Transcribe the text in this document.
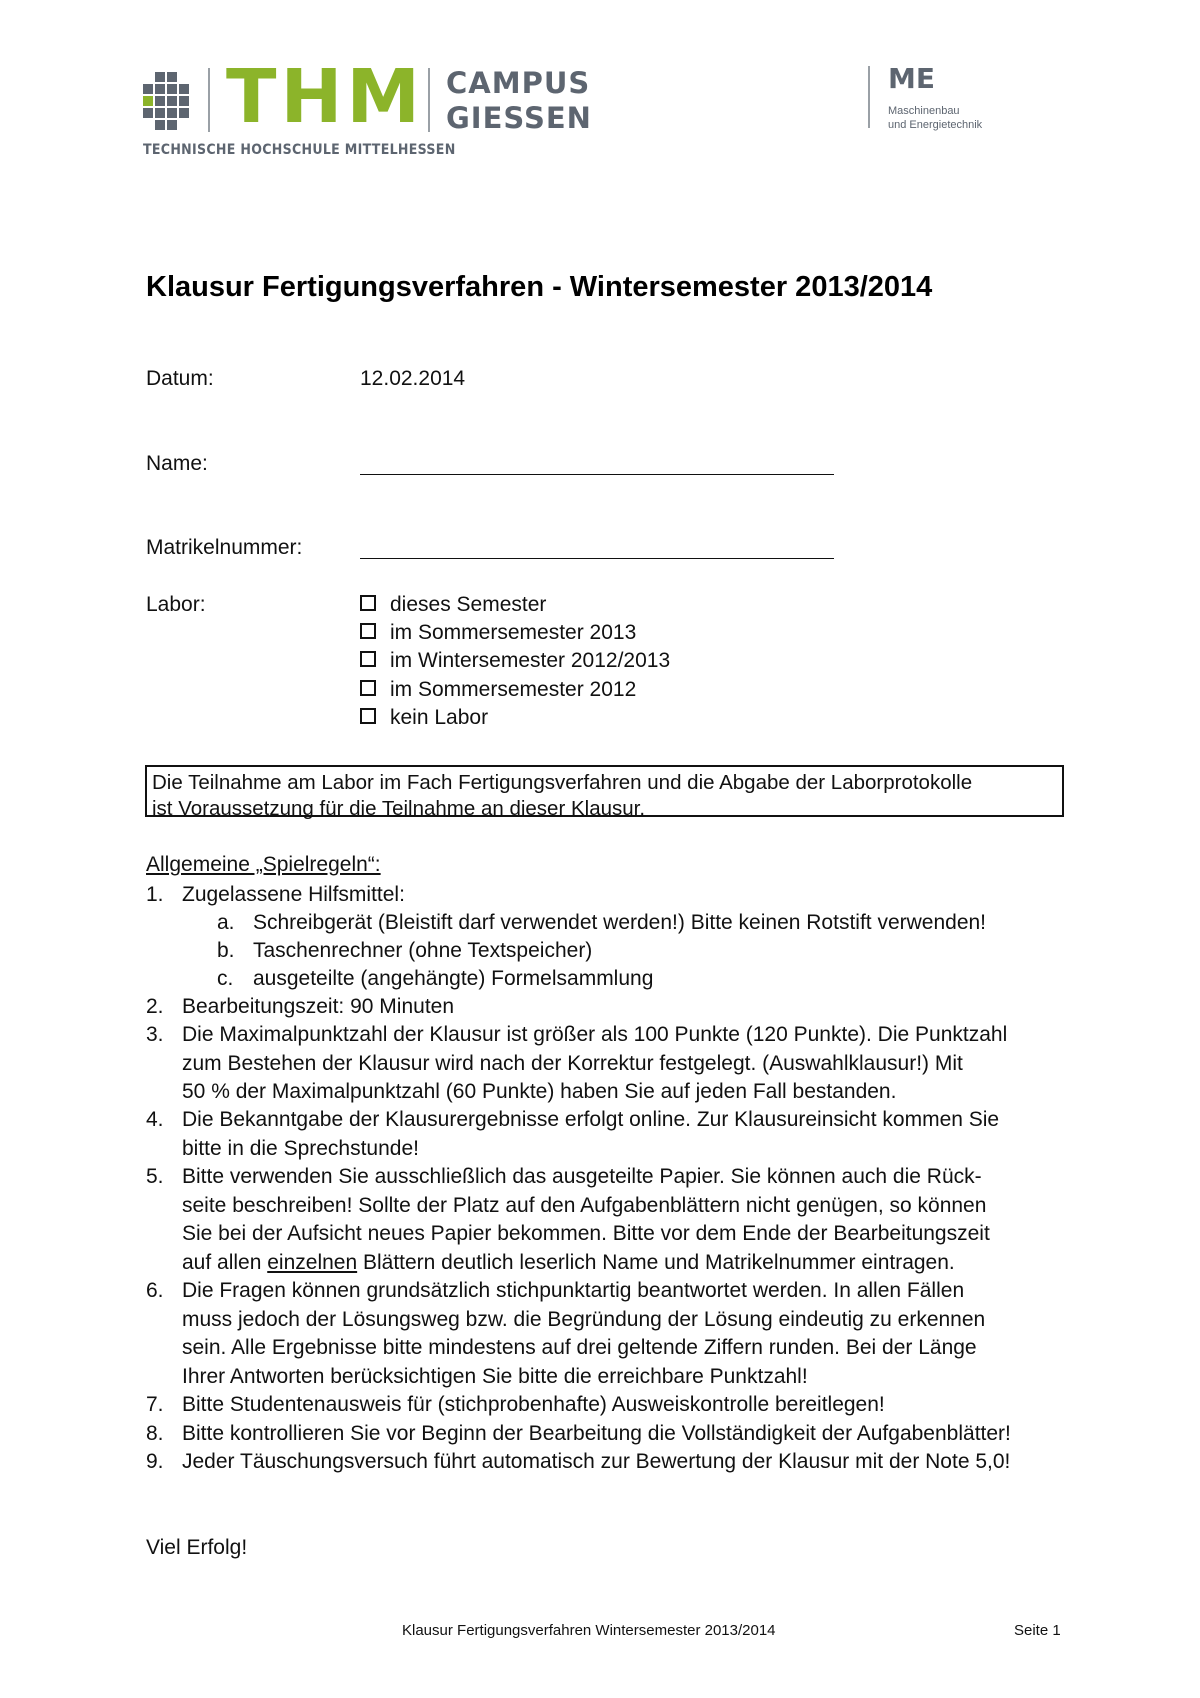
THM CAMPUS
GIESSEN
TECHNISCHE HOCHSCHULE MITTELHESSEN
ME
Maschinenbau
und Energietechnik
Klausur Fertigungsverfahren - Wintersemester 2013/2014
Datum:	12.02.2014
Name:
Matrikelnummer:
Labor:	dieses Semester
im Sommersemester 2013
im Wintersemester 2012/2013
im Sommersemester 2012
kein Labor
Die Teilnahme am Labor im Fach Fertigungsverfahren und die Abgabe der Laborprotokolle
ist Voraussetzung für die Teilnahme an dieser Klausur.
Allgemeine „Spielregeln“:
1. Zugelassene Hilfsmittel:
a. Schreibgerät (Bleistift darf verwendet werden!) Bitte keinen Rotstift verwenden!
b. Taschenrechner (ohne Textspeicher)
c. ausgeteilte (angehängte) Formelsammlung
2. Bearbeitungszeit: 90 Minuten
3. Die Maximalpunktzahl der Klausur ist größer als 100 Punkte (120 Punkte). Die Punktzahl
zum Bestehen der Klausur wird nach der Korrektur festgelegt. (Auswahlklausur!) Mit
50 % der Maximalpunktzahl (60 Punkte) haben Sie auf jeden Fall bestanden.
4. Die Bekanntgabe der Klausurergebnisse erfolgt online. Zur Klausureinsicht kommen Sie
bitte in die Sprechstunde!
5. Bitte verwenden Sie ausschließlich das ausgeteilte Papier. Sie können auch die Rück-
seite beschreiben! Sollte der Platz auf den Aufgabenblättern nicht genügen, so können
Sie bei der Aufsicht neues Papier bekommen. Bitte vor dem Ende der Bearbeitungszeit
auf allen einzelnen Blättern deutlich leserlich Name und Matrikelnummer eintragen.
6. Die Fragen können grundsätzlich stichpunktartig beantwortet werden. In allen Fällen
muss jedoch der Lösungsweg bzw. die Begründung der Lösung eindeutig zu erkennen
sein. Alle Ergebnisse bitte mindestens auf drei geltende Ziffern runden. Bei der Länge
Ihrer Antworten berücksichtigen Sie bitte die erreichbare Punktzahl!
7. Bitte Studentenausweis für (stichprobenhafte) Ausweiskontrolle bereitlegen!
8. Bitte kontrollieren Sie vor Beginn der Bearbeitung die Vollständigkeit der Aufgabenblätter!
9. Jeder Täuschungsversuch führt automatisch zur Bewertung der Klausur mit der Note 5,0!
Viel Erfolg!
Klausur Fertigungsverfahren Wintersemester 2013/2014	Seite 1
